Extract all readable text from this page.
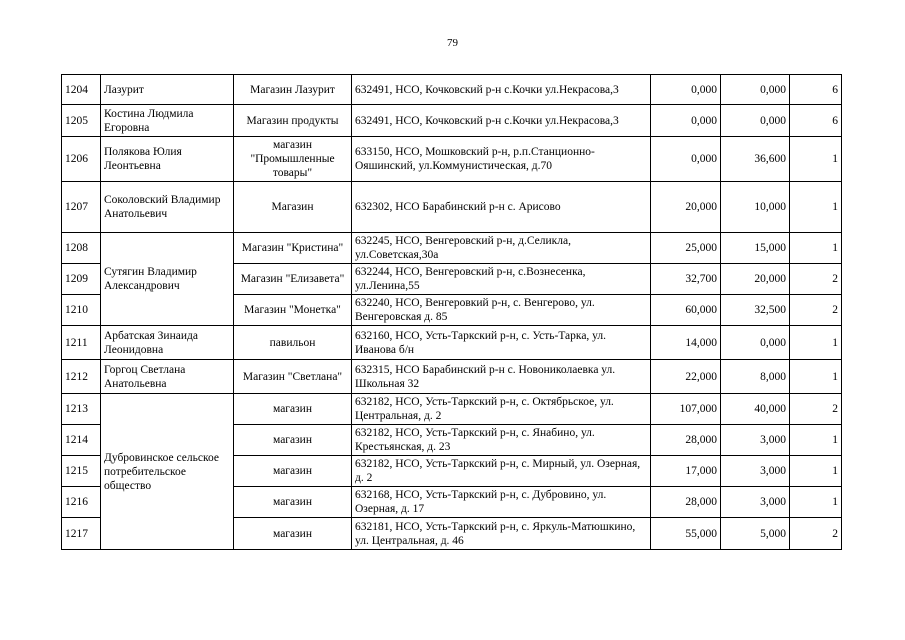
79
1204	Лазурит	Магазин Лазурит	632491, НСО, Кочковский р-н с.Кочки ул.Некрасова,3	0,000	0,000	6
1205	Костина Людмила Егоровна	Магазин продукты	632491, НСО, Кочковский р-н с.Кочки ул.Некрасова,3	0,000	0,000	6
1206	Полякова Юлия Леонтьевна	магазин "Промышленные товары"	633150, НСО, Мошковский р-н, р.п.Станционно-Ояшинский, ул.Коммунистическая, д.70	0,000	36,600	1
1207	Соколовский Владимир Анатольевич	Магазин	632302, НСО Барабинский р-н с. Арисово	20,000	10,000	1
1208	Сутягин Владимир Александрович	Магазин "Кристина"	632245, НСО, Венгеровский р-н, д.Селикла, ул.Советская,30а	25,000	15,000	1
1209		Магазин "Елизавета"	632244, НСО, Венгеровский р-н, с.Вознесенка, ул.Ленина,55	32,700	20,000	2
1210		Магазин "Монетка"	632240, НСО, Венгеровкий р-н, с. Венгерово, ул. Венгеровская д. 85	60,000	32,500	2
1211	Арбатская Зинаида Леонидовна	павильон	632160, НСО, Усть-Таркский р-н, с. Усть-Тарка, ул. Иванова б/н	14,000	0,000	1
1212	Горгоц Светлана Анатольевна	Магазин "Светлана"	632315, НСО Барабинский р-н с. Новониколаевка ул. Школьная 32	22,000	8,000	1
1213	Дубровинское сельское потребительское общество	магазин	632182, НСО, Усть-Таркский р-н, с. Октябрьское, ул. Центральная, д. 2	107,000	40,000	2
1214		магазин	632182, НСО, Усть-Таркский р-н, с. Янабино, ул. Крестьянская, д. 23	28,000	3,000	1
1215		магазин	632182, НСО, Усть-Таркский р-н, с. Мирный, ул. Озерная, д. 2	17,000	3,000	1
1216		магазин	632168, НСО, Усть-Таркский р-н, с. Дубровино, ул. Озерная, д. 17	28,000	3,000	1
1217		магазин	632181, НСО, Усть-Таркский р-н, с. Яркуль-Матюшкино, ул. Центральная, д. 46	55,000	5,000	2
